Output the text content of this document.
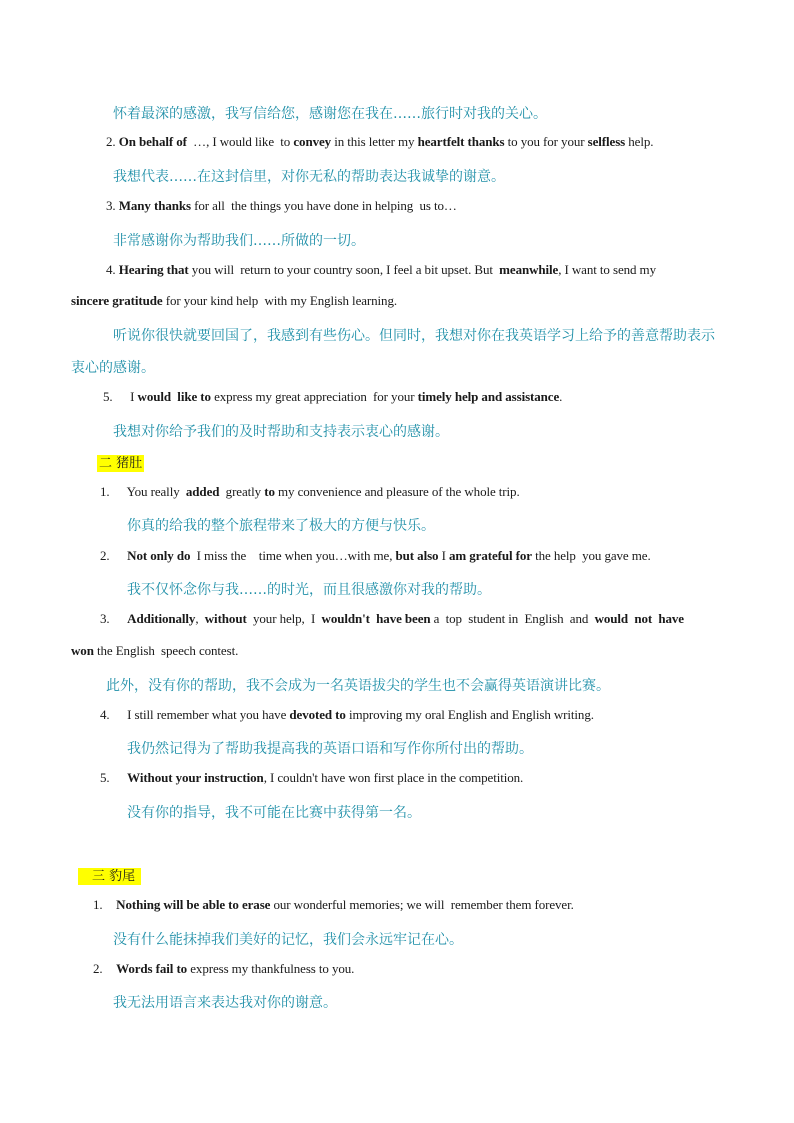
怀着最深的感激，我写信给您，感谢您在我在……旅行时对我的关心。
2. On behalf of  …, I would like  to convey in this letter my heartfelt thanks to you for your selfless help.
我想代表……在这封信里，对你无私的帮助表达我诚挚的谢意。
3. Many thanks for all  the things you have done in helping  us to…
非常感谢你为帮助我们……所做的一切。
4. Hearing that you will  return to your country soon, I feel a bit upset. But  meanwhile, I want to send my
sincere gratitude for your kind help  with my English learning.
听说你很快就要回国了，我感到有些伤心。但同时，我想对你在我英语学习上给予的善意帮助表示
衷心的感谢。
5. I would  like to express my great appreciation  for your timely help and assistance.
我想对你给予我们的及时帮助和支持表示衷心的感谢。
二 猪肚
1. You really  added  greatly to my convenience and pleasure of the whole trip.
你真的给我的整个旅程带来了极大的方便与快乐。
2. Not only do  I miss the    time when you…with me, but also I am grateful for the help  you gave me.
我不仅怀念你与我……的时光，而且很感激你对我的帮助。
3. Additionally,  without  your help,  I  wouldn't  have been a  top  student in  English  and  would  not  have
won the English  speech contest.
此外，没有你的帮助，我不会成为一名英语拔尖的学生也不会赢得英语演讲比赛。
4. I still remember what you have devoted to improving my oral English and English writing.
我仍然记得为了帮助我提高我的英语口语和写作你所付出的帮助。
5. Without your instruction, I couldn't have won first place in the competition.
没有你的指导，我不可能在比赛中获得第一名。
三 豹尾
1. Nothing will be able to erase our wonderful memories; we will  remember them forever.
没有什么能抹掉我们美好的记忆，我们会永远牢记在心。
2. Words fail to express my thankfulness to you.
我无法用语言来表达我对你的谢意。
